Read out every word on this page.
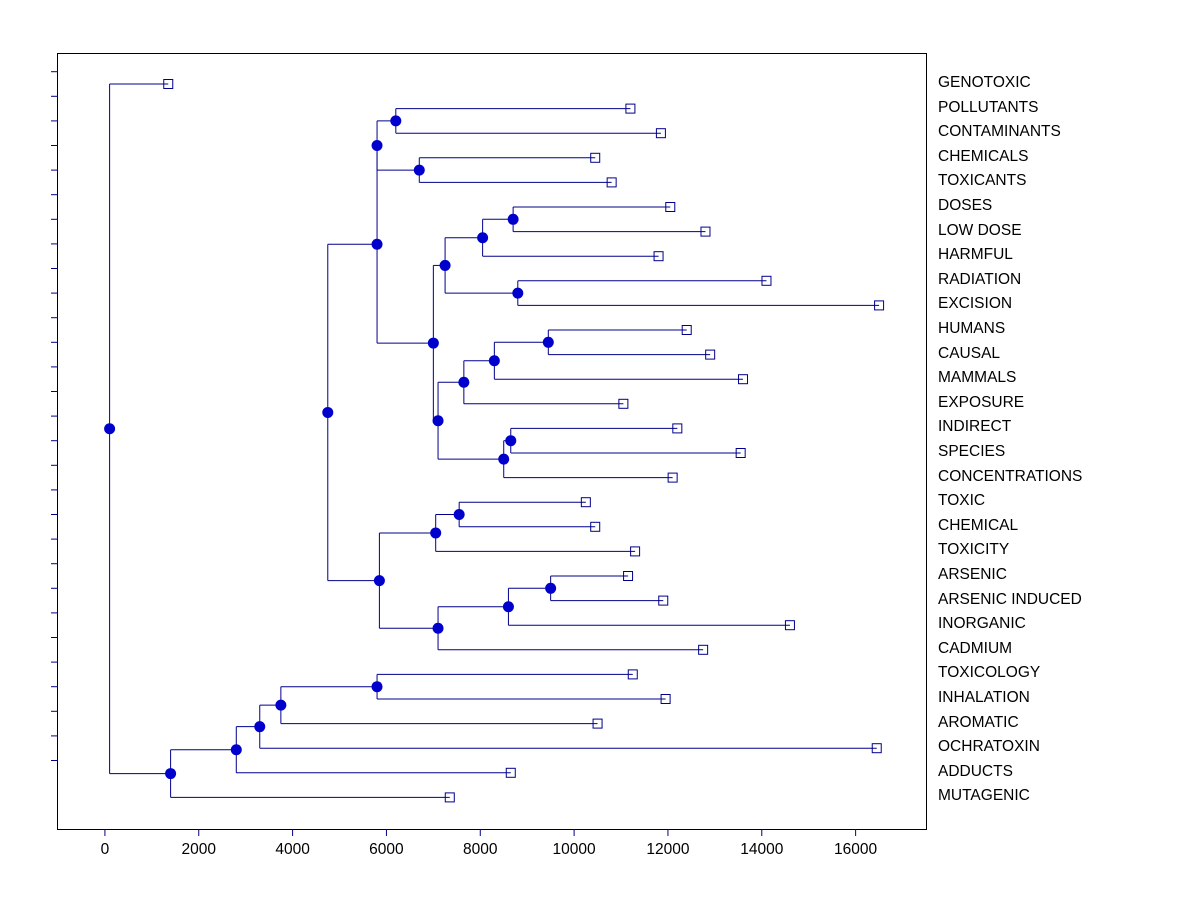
GENOTOXIC
POLLUTANTS
CONTAMINANTS
CHEMICALS
TOXICANTS
DOSES
LOW DOSE
HARMFUL
RADIATION
EXCISION
HUMANS
CAUSAL
MAMMALS
EXPOSURE
INDIRECT
SPECIES
CONCENTRATIONS
TOXIC
CHEMICAL
TOXICITY
ARSENIC
ARSENIC INDUCED
INORGANIC
CADMIUM
TOXICOLOGY
INHALATION
AROMATIC
OCHRATOXIN
ADDUCTS
MUTAGENIC
0	2000	4000	6000	8000	10000	12000	14000	16000
